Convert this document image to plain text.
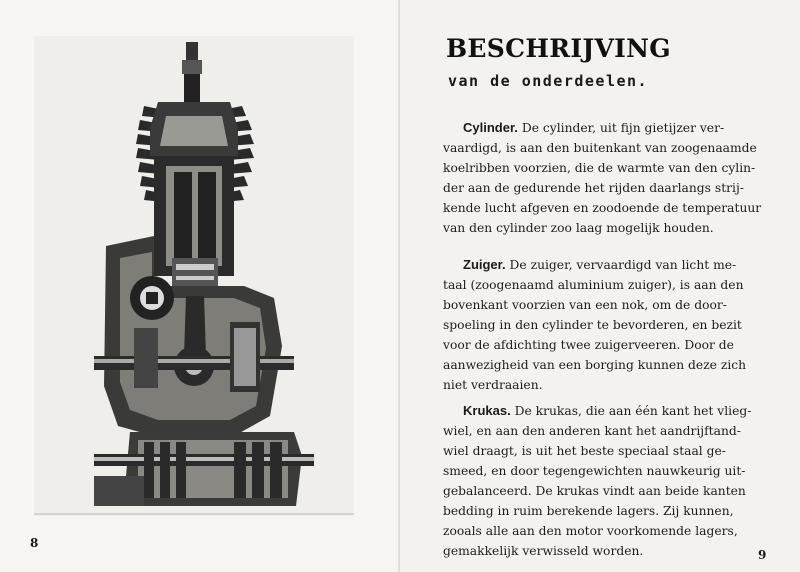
8
BESCHRIJVING
van de onderdeelen.
Cylinder. De cylinder, uit fijn gietijzer ver-
vaardigd, is aan den buitenkant van zoogenaamde
koelribben voorzien, die de warmte van den cylin-
der aan de gedurende het rijden daarlangs strij-
kende lucht afgeven en zoodoende de temperatuur
van den cylinder zoo laag mogelijk houden.
Zuiger. De zuiger, vervaardigd van licht me-
taal (zoogenaamd aluminium zuiger), is aan den
bovenkant voorzien van een nok, om de door-
spoeling in den cylinder te bevorderen, en bezit
voor de afdichting twee zuigerveeren. Door de
aanwezigheid van een borging kunnen deze zich
niet verdraaien.
Krukas. De krukas, die aan één kant het vlieg-
wiel, en aan den anderen kant het aandrijftand-
wiel draagt, is uit het beste speciaal staal ge-
smeed, en door tegengewichten nauwkeurig uit-
gebalanceerd. De krukas vindt aan beide kanten
bedding in ruim berekende lagers. Zij kunnen,
zooals alle aan den motor voorkomende lagers,
gemakkelijk verwisseld worden.	9
